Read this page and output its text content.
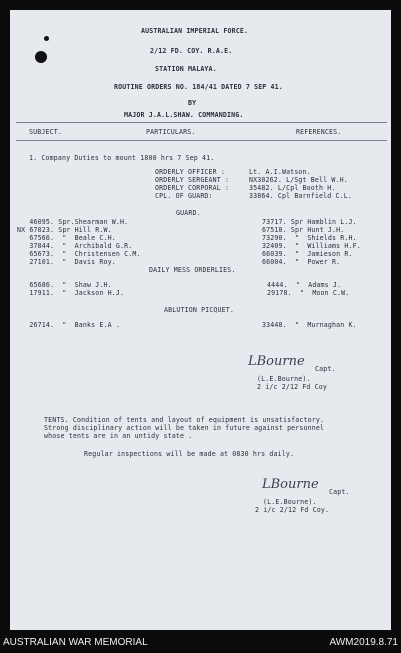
AUSTRALIAN IMPERIAL FORCE.
2/12 FD. COY. R.A.E.
STATION MALAYA.
ROUTINE ORDERS NO. 184/41 DATED 7 SEP 41.
BY
MAJOR J.A.L.SHAW. COMMANDING.
SUBJECT.	PARTICULARS.	REFERENCES.
1. Company Duties to mount 1800 hrs 7 Sep 41.
ORDERLY OFFICER :	Lt. A.I.Watson.
ORDERLY SERGEANT :	NX30262. L/Sgt Bell W.H.
ORDERLY CORPORAL :	35482. L/Cpl Booth H.
CPL. OF GUARD:	33864. Cpl Barnfield C.L.
GUARD.
46095. Spr.Shearman W.H.	73717. Spr Hamblin L.J.
NX 67023. Spr Hill R.W.	67518. Spr Hunt J.H.
67566.  "  Beale C.H.	73290.  "  Shields R.H.
37844.  "  Archibald G.R.	32409.  "  Williams H.F.
65673.  "  Christensen C.M.	66039.  "  Jamieson R.
27101.  "  Davis Roy.	66004.  "  Power R.
DAILY MESS ORDERLIES.
65686.  "  Shaw J.H.	4444.  "  Adams J.
17911.  "  Jackson H.J.	29178.  "  Moon C.W.
ABLUTION PICQUET.
26714.  "  Banks E.A .	33448.  "  Murnaghan K.
LBourne Capt.
(L.E.Bourne).
2 i/c 2/12 Fd Coy
TENTS. Condition of tents and layout of equipment is unsatisfactory.
Strong disciplinary action will be taken in future against personnel
whose tents are in an untidy state .
Regular inspections will be made at 0830 hrs daily.
LBourne Capt.
(L.E.Bourne).
2 i/c 2/12 Fd Coy.
AUSTRALIAN WAR MEMORIAL	AWM2019.8.71
